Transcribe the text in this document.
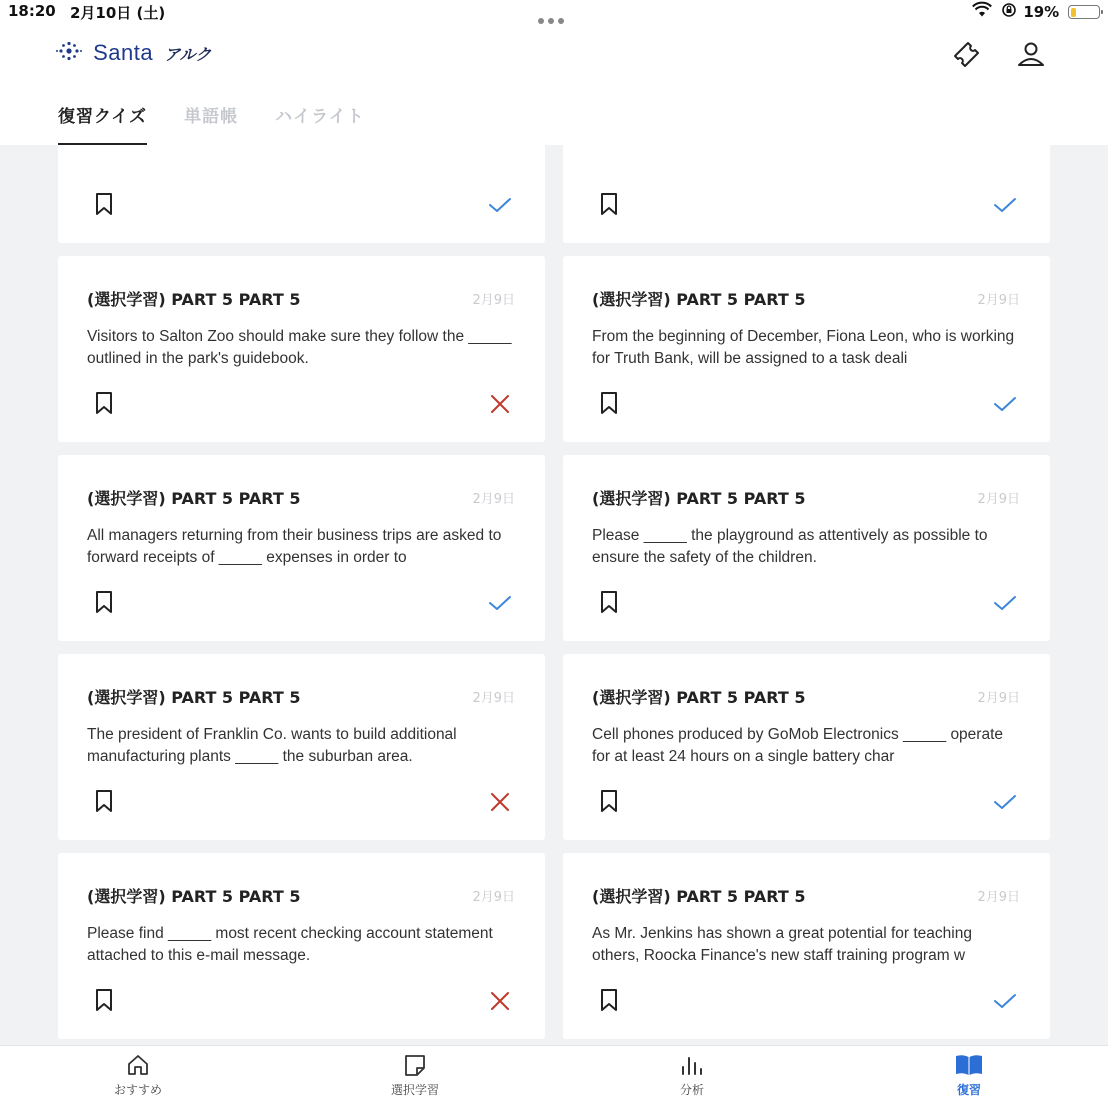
18:20 2月10日 (土)	19%
Santa アルク

復習クイズ 単語帳 ハイライト
(選択学習) PART 5 PART 5	2月9日
Visitors to Salton Zoo should make sure they follow the _____ outlined in the park's guidebook.
(選択学習) PART 5 PART 5	2月9日
From the beginning of December, Fiona Leon, who is working for Truth Bank, will be assigned to a task deali
(選択学習) PART 5 PART 5	2月9日
All managers returning from their business trips are asked to forward receipts of _____ expenses in order to
(選択学習) PART 5 PART 5	2月9日
Please _____ the playground as attentively as possible to ensure the safety of the children.
(選択学習) PART 5 PART 5	2月9日
The president of Franklin Co. wants to build additional manufacturing plants _____ the suburban area.
(選択学習) PART 5 PART 5	2月9日
Cell phones produced by GoMob Electronics _____ operate for at least 24 hours on a single battery char
(選択学習) PART 5 PART 5	2月9日
Please find _____ most recent checking account statement attached to this e-mail message.
(選択学習) PART 5 PART 5	2月9日
As Mr. Jenkins has shown a great potential for teaching others, Roocka Finance's new staff training program w
おすすめ	選択学習	分析	復習
